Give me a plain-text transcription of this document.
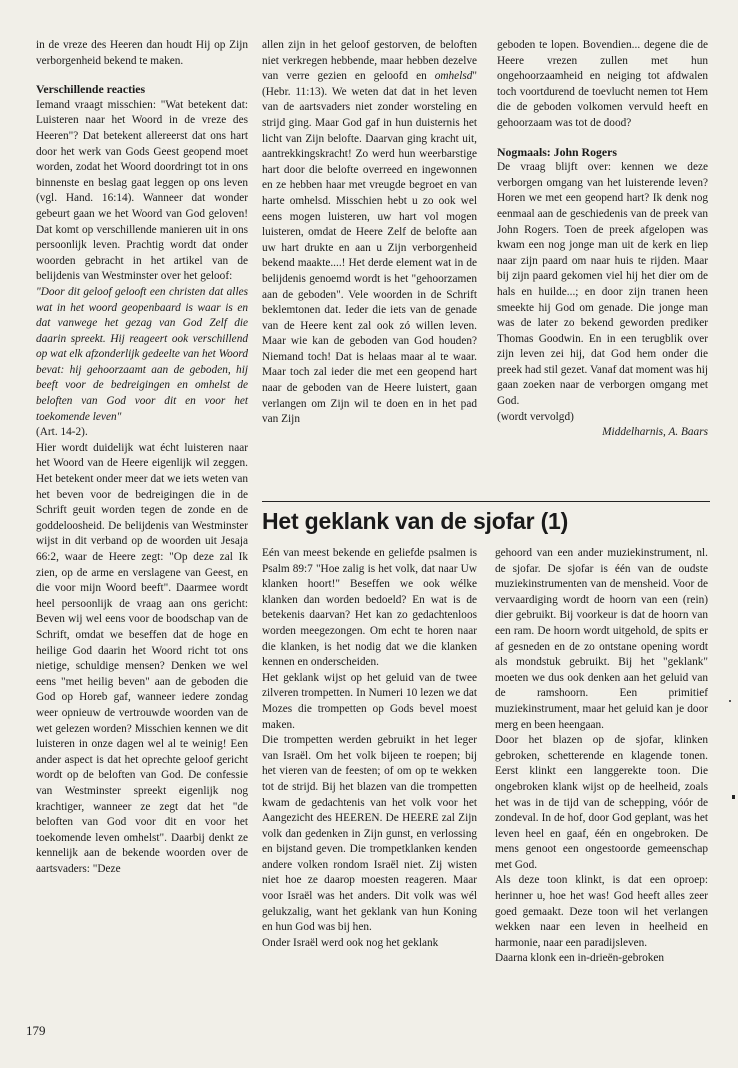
in de vreze des Heeren dan houdt Hij op Zijn verborgenheid bekend te maken.

Verschillende reacties

Iemand vraagt misschien: "Wat betekent dat: Luisteren naar het Woord in de vreze des Heeren"? Dat betekent allereerst dat ons hart door het werk van Gods Geest geopend moet worden, zodat het Woord doordringt tot in ons binnenste en beslag gaat leggen op ons leven (vgl. Hand. 16:14). Wanneer dat wonder gebeurt gaan we het Woord van God geloven! Dat komt op verschillende manieren uit in ons persoonlijk leven. Prachtig wordt dat onder woorden gebracht in het artikel van de belijdenis van Westminster over het geloof:

"Door dit geloof gelooft een christen dat alles wat in het woord geopenbaard is waar is en dat vanwege het gezag van God Zelf die daarin spreekt. Hij reageert ook verschillend op wat elk afzonderlijk gedeelte van het Woord bevat: hij gehoorzaamt aan de geboden, hij beeft voor de bedreigingen en omhelst de beloften van God voor dit en voor het toekomende leven"

(Art. 14-2).

Hier wordt duidelijk wat écht luisteren naar het Woord van de Heere eigenlijk wil zeggen. Het betekent onder meer dat we iets weten van het beven voor de bedreigingen die in de Schrift geuit worden tegen de zonde en de goddeloosheid. De belijdenis van Westminster wijst in dit verband op de woorden uit Jesaja 66:2, waar de Heere zegt: "Op deze zal Ik zien, op de arme en verslagene van Geest, en die voor mijn Woord beeft". Daarmee wordt heel persoonlijk de vraag aan ons gericht: Beven wij wel eens voor de boodschap van de Schrift, omdat we beseffen dat de hoge en heilige God daarin het Woord richt tot ons nietige, schuldige mensen? Denken we wel eens "met heilig beven" aan de geboden die God op Horeb gaf, wanneer iedere zondag weer opnieuw de vertrouwde woorden van de wet gelezen worden? Misschien kennen we dit luisteren in onze dagen wel al te weinig! Een ander aspect is dat het oprechte geloof gericht wordt op de beloften van God. De confessie van Westminster spreekt eigenlijk nog krachtiger, wanneer ze zegt dat het "de beloften van God voor dit en voor het toekomende leven omhelst". Daarbij denkt ze kennelijk aan de bekende woorden over de aartsvaders: "Deze

allen zijn in het geloof gestorven, de beloften niet verkregen hebbende, maar hebben dezelve van verre gezien en geloofd en omhelsd" (Hebr. 11:13). We weten dat dat in het leven van de aartsvaders niet zonder worsteling en strijd ging. Maar God gaf in hun duisternis het licht van Zijn belofte. Daarvan ging kracht uit, aantrekkingskracht! Zo werd hun weerbarstige hart door die belofte overreed en ingewonnen en ze hebben haar met vreugde begroet en van harte omhelsd. Misschien hebt u zo ook wel eens mogen luisteren, uw hart vol mogen luisteren, omdat de Heere Zelf de belofte aan uw hart drukte en aan u Zijn verborgenheid bekend maakte....! Het derde element wat in de belijdenis genoemd wordt is het "gehoorzamen aan de geboden". Vele woorden in de Schrift beklemtonen dat. Ieder die iets van de genade van de Heere kent zal ook zó willen leven. Maar wie kan de geboden van God houden? Niemand toch! Dat is helaas maar al te waar. Maar toch zal ieder die met een geopend hart naar de geboden van de Heere luistert, gaan verlangen om Zijn wil te doen en in het pad van Zijn

geboden te lopen. Bovendien... degene die de Heere vrezen zullen met hun ongehoorzaamheid en neiging tot afdwalen toch voortdurend de toevlucht nemen tot Hem die de geboden volkomen vervuld heeft en gehoorzaam was tot de dood?

Nogmaals: John Rogers

De vraag blijft over: kennen we deze verborgen omgang van het luisterende leven? Horen we met een geopend hart? Ik denk nog eenmaal aan de geschiedenis van de preek van John Rogers. Toen de preek afgelopen was kwam een nog jonge man uit de kerk en liep naar zijn paard om naar huis te rijden. Maar bij zijn paard gekomen viel hij het dier om de hals en huilde...; en door zijn tranen heen smeekte hij God om genade. Die jonge man was de later zo bekend geworden prediker Thomas Goodwin. En in een terugblik over zijn leven zei hij, dat God hem onder die preek had stil gezet. Vanaf dat moment was hij gaan zoeken naar de verborgen omgang met God.

(wordt vervolgd)

Middelharnis, A. Baars

Het geklank van de sjofar (1)

Eén van meest bekende en geliefde psalmen is Psalm 89:7 "Hoe zalig is het volk, dat naar Uw klanken hoort!" Beseffen we ook wélke klanken dan worden bedoeld? En wat is de betekenis daarvan? Het kan zo gedachtenloos worden meegezongen. Om echt te horen naar die klanken, is het nodig dat we die klanken kennen en onderscheiden.

Het geklank wijst op het geluid van de twee zilveren trompetten. In Numeri 10 lezen we dat Mozes die trompetten op Gods bevel moest maken.

Die trompetten werden gebruikt in het leger van Israël. Om het volk bijeen te roepen; bij het vieren van de feesten; of om op te wekken tot de strijd. Bij het blazen van die trompetten kwam de gedachtenis van het volk voor het Aangezicht des HEEREN. De HEERE zal Zijn volk dan gedenken in Zijn gunst, en verlossing en bijstand geven. Die trompetklanken kenden andere volken rondom Israël niet. Zij wisten niet hoe ze daarop moesten reageren. Maar voor Israël was het anders. Dit volk was wél gelukzalig, want het geklank van hun Koning en hun God was bij hen.

Onder Israël werd ook nog het geklank

gehoord van een ander muziekinstrument, nl. de sjofar. De sjofar is één van de oudste muziekinstrumenten van de mensheid. Voor de vervaardiging wordt de hoorn van een (rein) dier gebruikt. Bij voorkeur is dat de hoorn van een ram. De hoorn wordt uitgehold, de spits er af gesneden en de zo ontstane opening wordt als mondstuk gebruikt. Bij het "geklank" moeten we dus ook denken aan het geluid van de ramshoorn. Een primitief muziekinstrument, maar het geluid kan je door merg en been heengaan.

Door het blazen op de sjofar, klinken gebroken, schetterende en klagende tonen. Eerst klinkt een langgerekte toon. Die ongebroken klank wijst op de heelheid, zoals het was in de tijd van de schepping, vóór de zondeval. In de hof, door God geplant, was het leven heel en gaaf, één en ongebroken. De mens genoot een ongestoorde gemeenschap met God.

Als deze toon klinkt, is dat een oproep: herinner u, hoe het was! God heeft alles zeer goed gemaakt. Deze toon wil het verlangen wekken naar een leven in heelheid en harmonie, naar een paradijsleven.

Daarna klonk een in-drieën-gebroken

179
